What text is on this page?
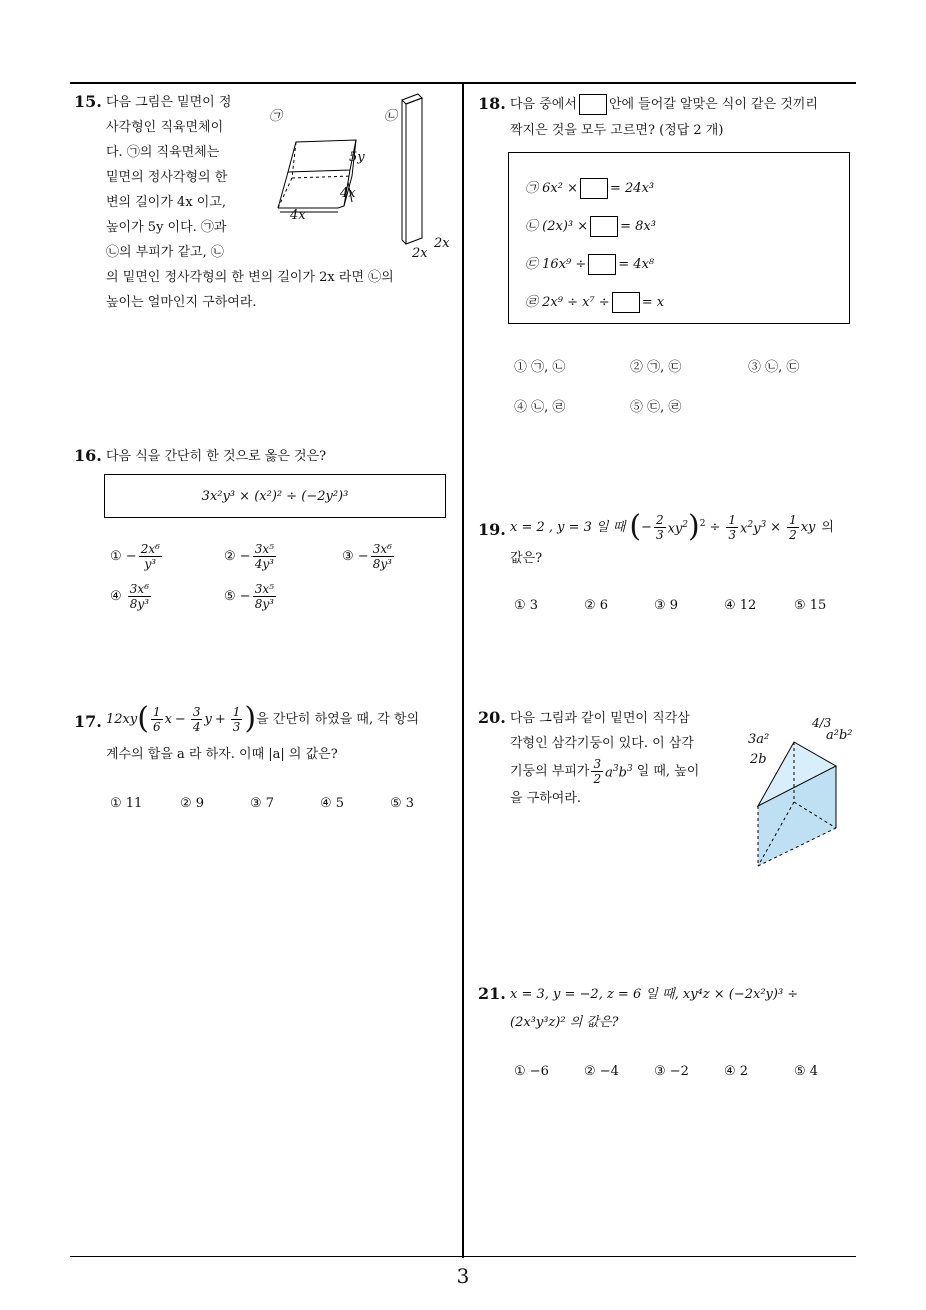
3
15. 다음 그림은 밑면이 정
사각형인 직육면체이
다. ㉠의 직육면체는
밑면의 정사각형의 한
변의 길이가 4x 이고,
높이가 5y 이다. ㉠과
㉡의 부피가 같고, ㉡
의 밑면인 정사각형의 한 변의 길이가 2x 라면 ㉡의
높이는 얼마인지 구하여라.
㉠	㉡
5y
4x
4x
2x
2x
16. 다음 식을 간단히 한 것으로 옳은 것은?
3x²y³ × (x²)² ÷ (−2y²)³
① − $\frac{\text{2x⁶}}{\text{y³}}$	② − $\frac{\text{3x⁵}}{\text{4y³}}$	③ − $\frac{\text{3x⁶}}{\text{8y³}}$
④ $\frac{\text{3x⁶}}{\text{8y³}}$	⑤ − $\frac{\text{3x⁵}}{\text{8y³}}$
17. 12xy ( $\frac{1}{6}$ $x - \frac{3}{4}$ $y + \frac{1}{3}$ ) 을 간단히 하였을 때, 각 항의
계수의 합을 a 라 하자. 이때 |a| 의 값은?
① 11	② 9	③ 7	④ 5	⑤ 3
18. 다음 중에서 안에 들어갈 알맞은 식이 같은 것끼리
짝지은 것을 모두 고르면? (정답 2 개)
㉠ 6x² × = 24x³
㉡ (2x)³ × = 8x³
㉢ 16x⁹ ÷ = 4x⁸
㉣ 2x⁹ ÷ x⁷ ÷ = x
① ㉠, ㉡	② ㉠, ㉢	③ ㉡, ㉢
④ ㉡, ㉣	⑤ ㉢, ㉣
19. x = 2 , y = 3 일 때 ( − $\frac{2}{3} xy^2$ ) $2 \div \frac{1}{3} x^2y^3 \times \frac{1}{2}$ xy 의
값은?
① 3	② 6	③ 9	④ 12	⑤ 15
20. 다음 그림과 같이 밑면이 직각삼
각형인 삼각기둥이 있다. 이 삼각
기둥의 부피가 $\frac{3}{2} a^3b^3$ 일 때, 높이
을 구하여라.
3a²
2b
4/3
a²b²
21. x = 3, y = −2, z = 6 일 때, xy⁴z × (−2x²y)³ ÷
(2x³y³z)² 의 값은?
① −6	② −4	③ −2	④ 2	⑤ 4
